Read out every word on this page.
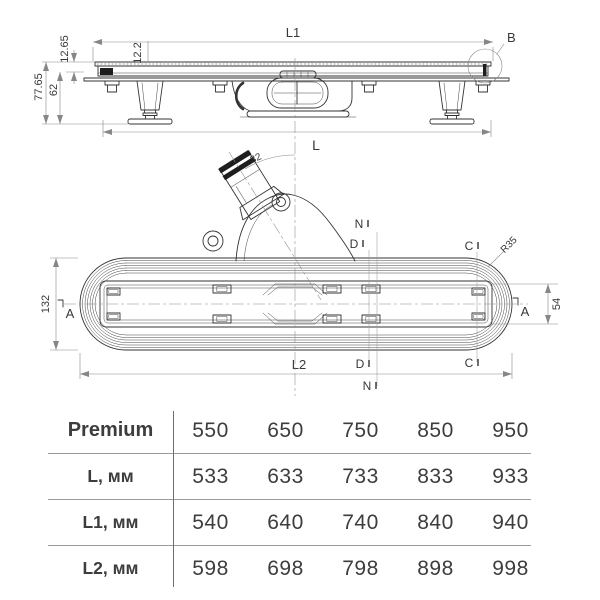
B
L1
L
12.65
77.65 62
12.2
N
D	C
D
N
C
R35
A	A
132	54
L2
32
Premium	550	650	750	850	950
L, мм	533	633	733	833	933
L1, мм	540	640	740	840	940
L2, мм	598	698	798	898	998
